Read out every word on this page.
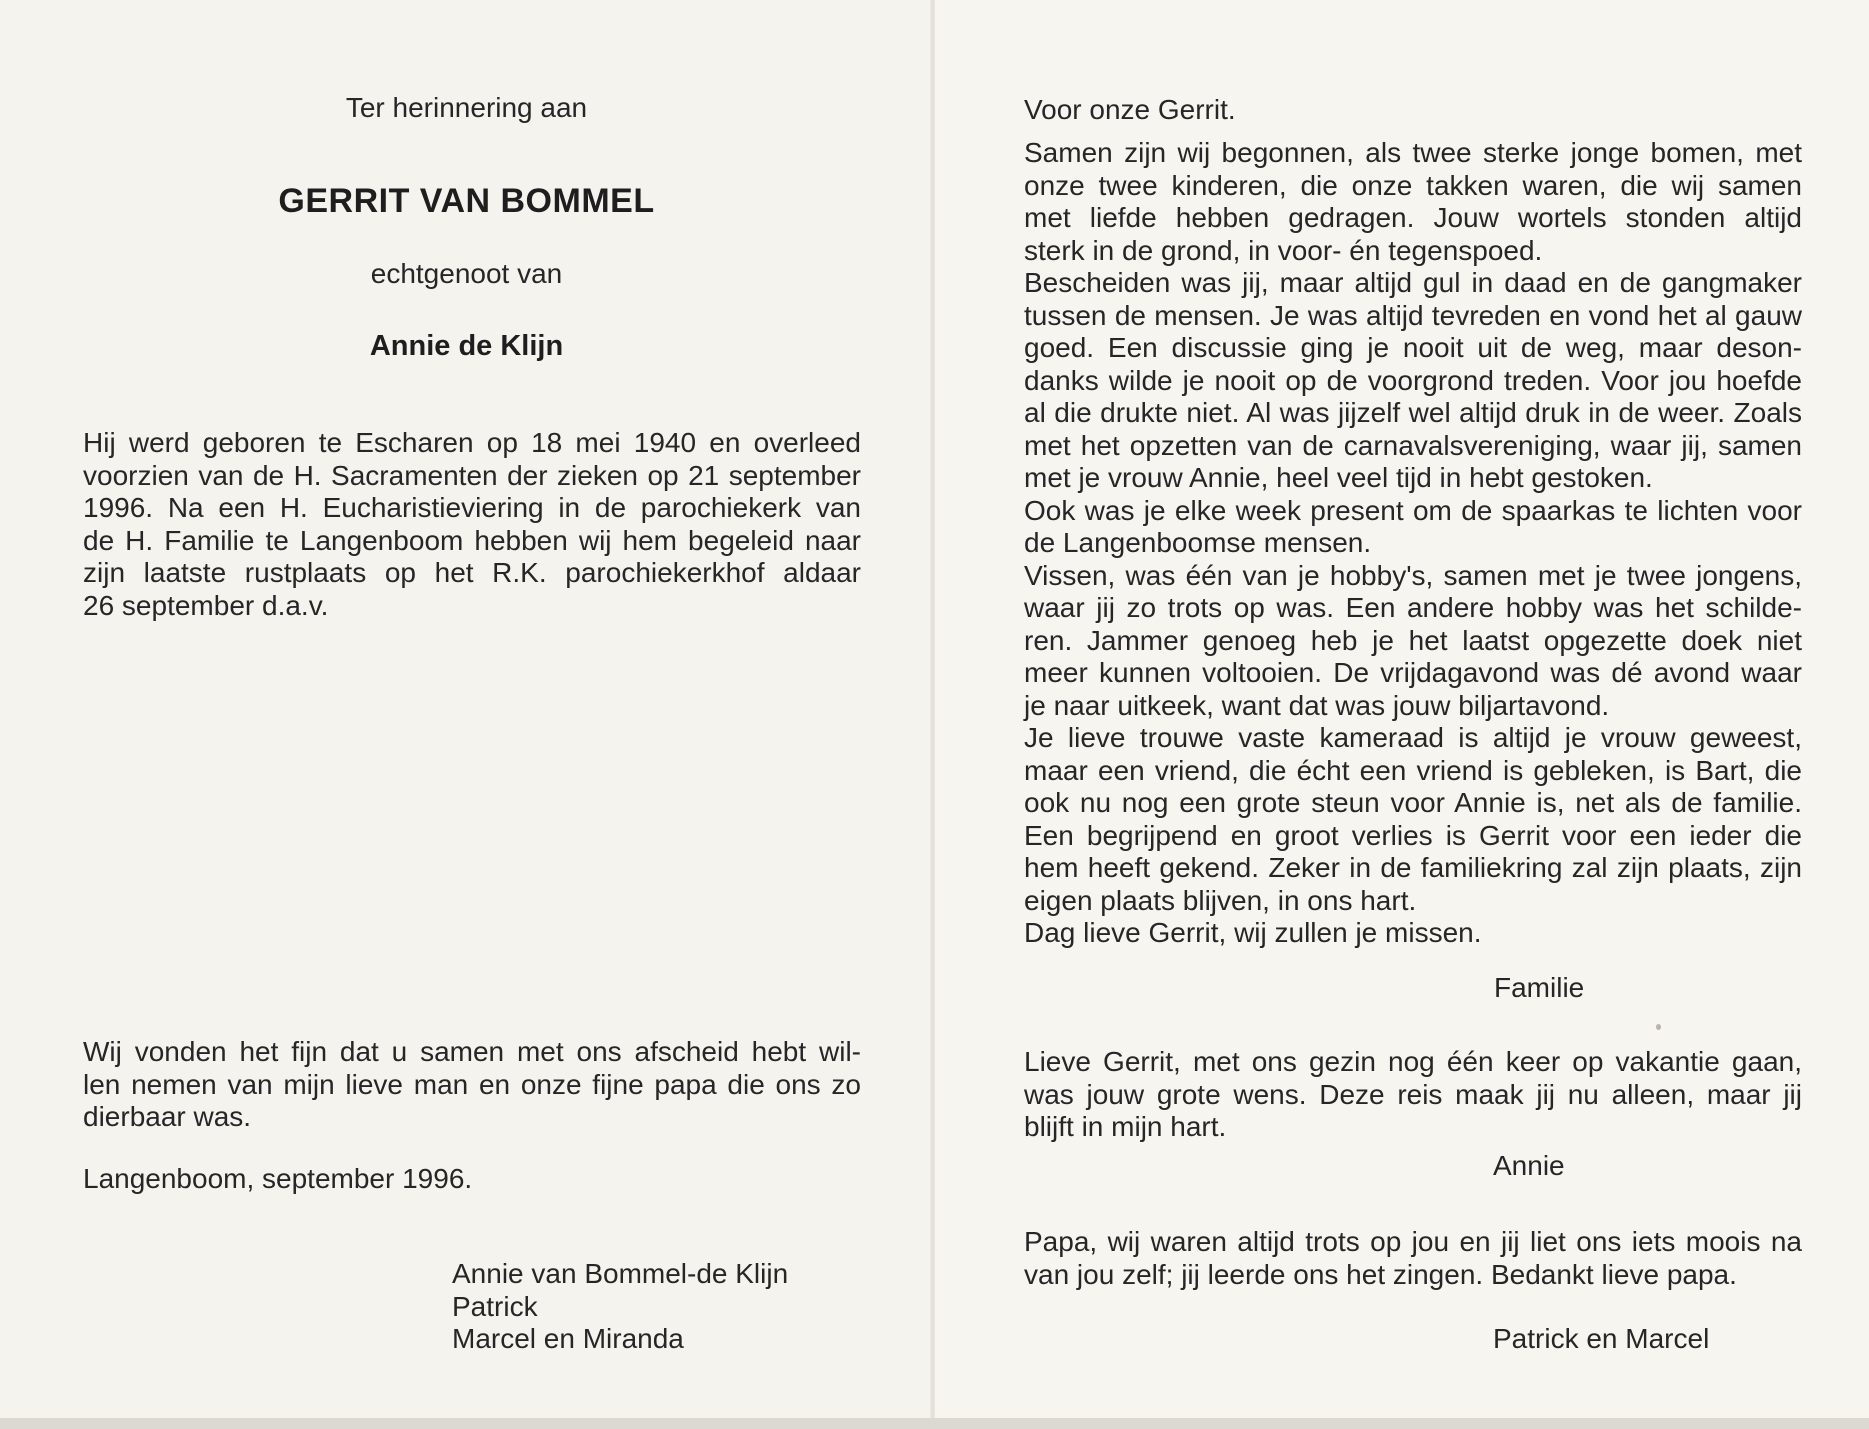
Ter herinnering aan
GERRIT VAN BOMMEL
echtgenoot van
Annie de Klijn
Hij werd geboren te Escharen op 18 mei 1940 en overleed
voorzien van de H. Sacramenten der zieken op 21 september
1996. Na een H. Eucharistieviering in de parochiekerk van
de H. Familie te Langenboom hebben wij hem begeleid naar
zijn laatste rustplaats op het R.K. parochiekerkhof aldaar
26 september d.a.v.
Wij vonden het fijn dat u samen met ons afscheid hebt wil-
len nemen van mijn lieve man en onze fijne papa die ons zo
dierbaar was.
Langenboom, september 1996.
Annie van Bommel-de Klijn
Patrick
Marcel en Miranda
Voor onze Gerrit.
Samen zijn wij begonnen, als twee sterke jonge bomen, met
onze twee kinderen, die onze takken waren, die wij samen
met liefde hebben gedragen. Jouw wortels stonden altijd
sterk in de grond, in voor- én tegenspoed.
Bescheiden was jij, maar altijd gul in daad en de gangmaker
tussen de mensen. Je was altijd tevreden en vond het al gauw
goed. Een discussie ging je nooit uit de weg, maar deson-
danks wilde je nooit op de voorgrond treden. Voor jou hoefde
al die drukte niet. Al was jijzelf wel altijd druk in de weer. Zoals
met het opzetten van de carnavalsvereniging, waar jij, samen
met je vrouw Annie, heel veel tijd in hebt gestoken.
Ook was je elke week present om de spaarkas te lichten voor
de Langenboomse mensen.
Vissen, was één van je hobby's, samen met je twee jongens,
waar jij zo trots op was. Een andere hobby was het schilde-
ren. Jammer genoeg heb je het laatst opgezette doek niet
meer kunnen voltooien. De vrijdagavond was dé avond waar
je naar uitkeek, want dat was jouw biljartavond.
Je lieve trouwe vaste kameraad is altijd je vrouw geweest,
maar een vriend, die écht een vriend is gebleken, is Bart, die
ook nu nog een grote steun voor Annie is, net als de familie.
Een begrijpend en groot verlies is Gerrit voor een ieder die
hem heeft gekend. Zeker in de familiekring zal zijn plaats, zijn
eigen plaats blijven, in ons hart.
Dag lieve Gerrit, wij zullen je missen.
Familie
Lieve Gerrit, met ons gezin nog één keer op vakantie gaan,
was jouw grote wens. Deze reis maak jij nu alleen, maar jij
blijft in mijn hart.
Annie
Papa, wij waren altijd trots op jou en jij liet ons iets moois na
van jou zelf; jij leerde ons het zingen. Bedankt lieve papa.
Patrick en Marcel
